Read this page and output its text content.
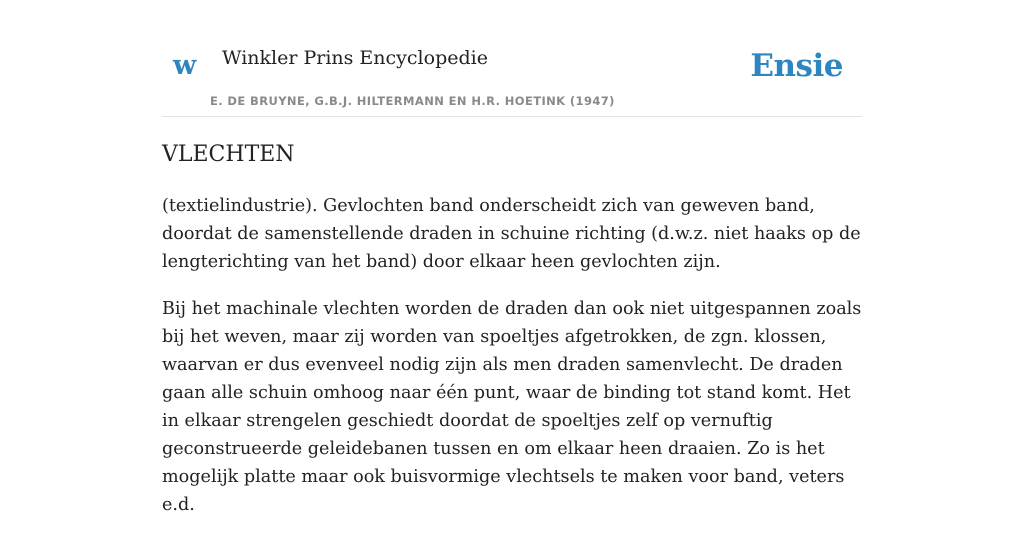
w Winkler Prins Encyclopedie
E. DE BRUYNE, G.B.J. HILTERMANN EN H.R. HOETINK (1947)
Ensie
VLECHTEN

(textielindustrie). Gevlochten band onderscheidt zich van geweven band, doordat de samenstellende draden in schuine richting (d.w.z. niet haaks op de lengterichting van het band) door elkaar heen gevlochten zijn.

Bij het machinale vlechten worden de draden dan ook niet uitgespannen zoals bij het weven, maar zij worden van spoeltjes afgetrokken, de zgn. klossen, waarvan er dus evenveel nodig zijn als men draden samenvlecht. De draden gaan alle schuin omhoog naar één punt, waar de binding tot stand komt. Het in elkaar strengelen geschiedt doordat de spoeltjes zelf op vernuftig geconstrueerde geleidebanen tussen en om elkaar heen draaien. Zo is het mogelijk platte maar ook buisvormige vlechtsels te maken voor band, veters e.d.
